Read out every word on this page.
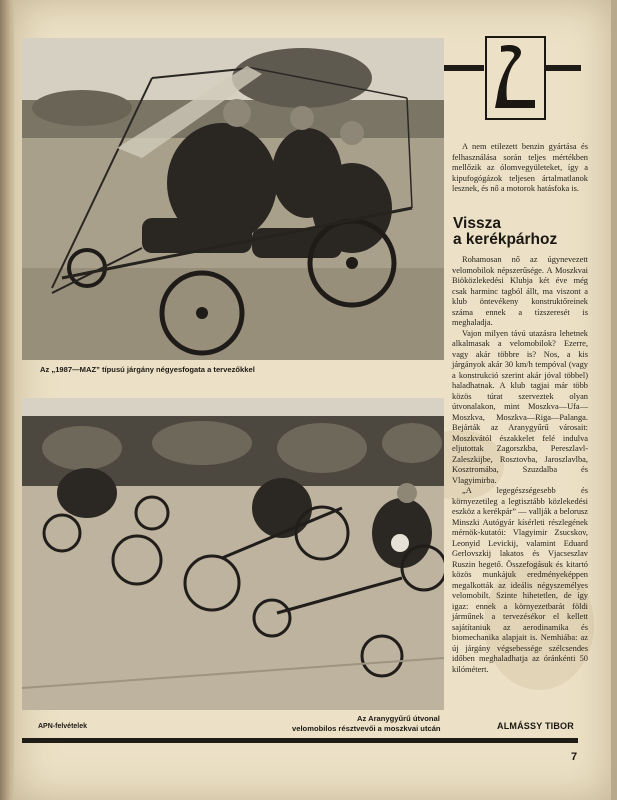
Az „1987—MAZ” típusú járgány négyesfogata a tervezőkkel
APN-felvételek
Az Aranygyűrű útvonal
velomobilos résztvevői a moszkvai utcán

A nem etilezett benzin gyártása és felhasználása során teljes mértékben mellőzik az ólomvegyületeket, így a kipufogógázok teljesen ártalmatlanok lesznek, és nő a motorok hatásfoka is.

Vissza
a kerékpárhoz

Rohamosan nő az úgynevezett velomobilok népszerűsége. A Moszkvai Biöközlekedési Klubja két éve még csak harminc tagból állt, ma viszont a klub öntevékeny konstruktőreinek száma ennek a tízszeresét is meghaladja.

Vajon milyen távú utazásra lehetnek alkalmasak a velomobilok? Ezerre, vagy akár többre is? Nos, a kis járgányok akár 30 km/h tempóval (vagy a konstrukció szerint akár jóval többel) haladhatnak. A klub tagjai már több közös túrat szerveztek olyan útvonalakon, mint Moszkva—Ufa—Moszkva, Moszkva—Riga—Palanga. Bejárták az Aranygyűrű városait: Moszkvától északkelet felé indulva eljutottak Zagorszkba, Pereszlavl-Zaleszkijbe, Rosztovba, Jaroszlavlba, Kosztromába, Szuzdalba és Vlagyimirba.

„A legegészségesebb és környezetileg a legtisztább közlekedési eszköz a kerékpár” — vallják a belorusz Minszki Autógyár kísérleti részlegének mérnök-kutatói: Vlagyimir Zsucskov, Leonyid Levickij, valamint Eduard Gerlovszkij lakatos és Vjacseszlav Ruszin hegető. Összefogásuk és kitartó közös munkájuk eredményeképpen megalkották az ideális négyszemélyes velomobilt. Szinte hihetetlen, de így igaz: ennek a környezetbarát földi járműnek a tervezésékor el kellett sajátítaniuk az aerodinamika és biomechanika alapjait is. Nemhiába: az új járgány végsebessége szélcsendes időben meghaladhatja az óránkénti 50 kilómétert.

ALMÁSSY TIBOR
7
